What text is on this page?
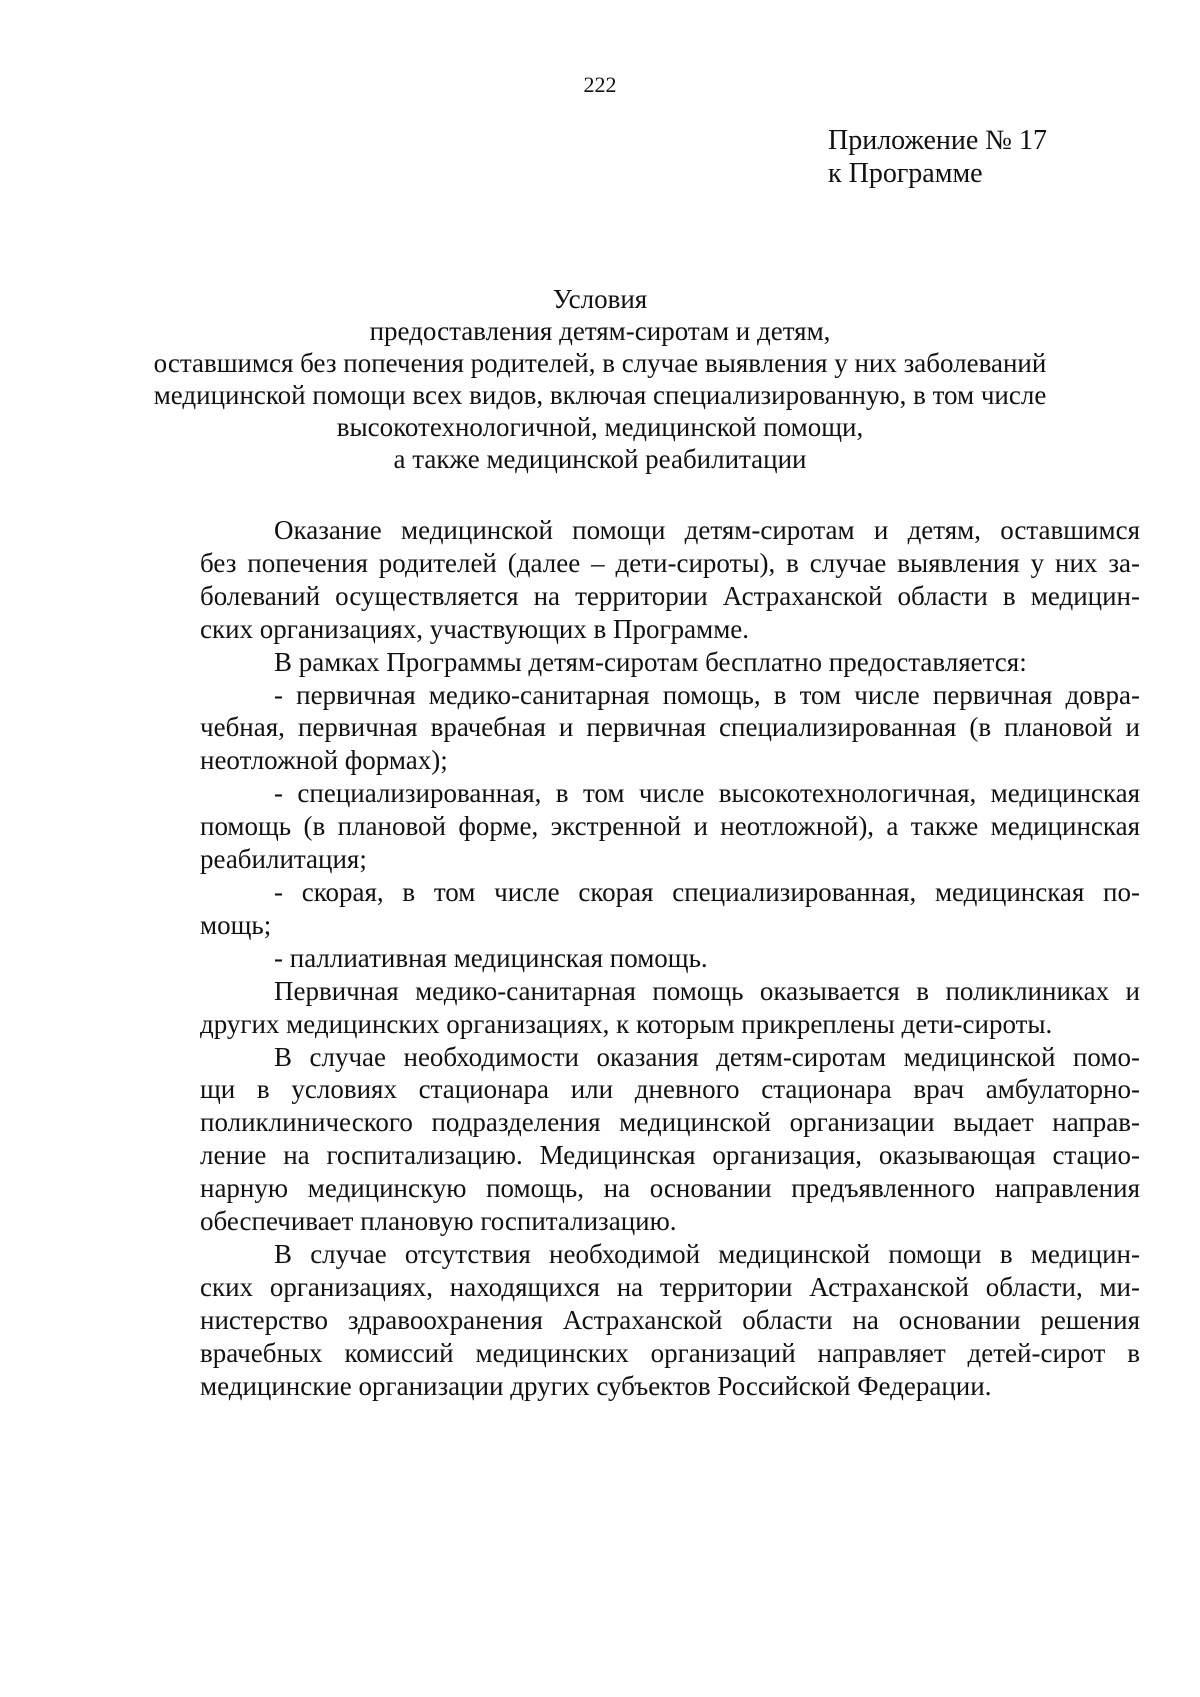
222
Приложение № 17
к Программе
Условия
предоставления детям-сиротам и детям,
оставшимся без попечения родителей, в случае выявления у них заболеваний
медицинской помощи всех видов, включая специализированную, в том числе
высокотехнологичной, медицинской помощи,
а также медицинской реабилитации
Оказание медицинской помощи детям-сиротам и детям, оставшимся
без попечения родителей (далее – дети-сироты), в случае выявления у них за-
болеваний осуществляется на территории Астраханской области в медицин-
ских организациях, участвующих в Программе.
В рамках Программы детям-сиротам бесплатно предоставляется:
- первичная медико-санитарная помощь, в том числе первичная довра-
чебная, первичная врачебная и первичная специализированная (в плановой и
неотложной формах);
- специализированная, в том числе высокотехнологичная, медицинская
помощь (в плановой форме, экстренной и неотложной), а также медицинская
реабилитация;
- скорая, в том числе скорая специализированная, медицинская по-
мощь;
- паллиативная медицинская помощь.
Первичная медико-санитарная помощь оказывается в поликлиниках и
других медицинских организациях, к которым прикреплены дети-сироты.
В случае необходимости оказания детям-сиротам медицинской помо-
щи в условиях стационара или дневного стационара врач амбулаторно-
поликлинического подразделения медицинской организации выдает направ-
ление на госпитализацию. Медицинская организация, оказывающая стацио-
нарную медицинскую помощь, на основании предъявленного направления
обеспечивает плановую госпитализацию.
В случае отсутствия необходимой медицинской помощи в медицин-
ских организациях, находящихся на территории Астраханской области, ми-
нистерство здравоохранения Астраханской области на основании решения
врачебных комиссий медицинских организаций направляет детей-сирот в
медицинские организации других субъектов Российской Федерации.
